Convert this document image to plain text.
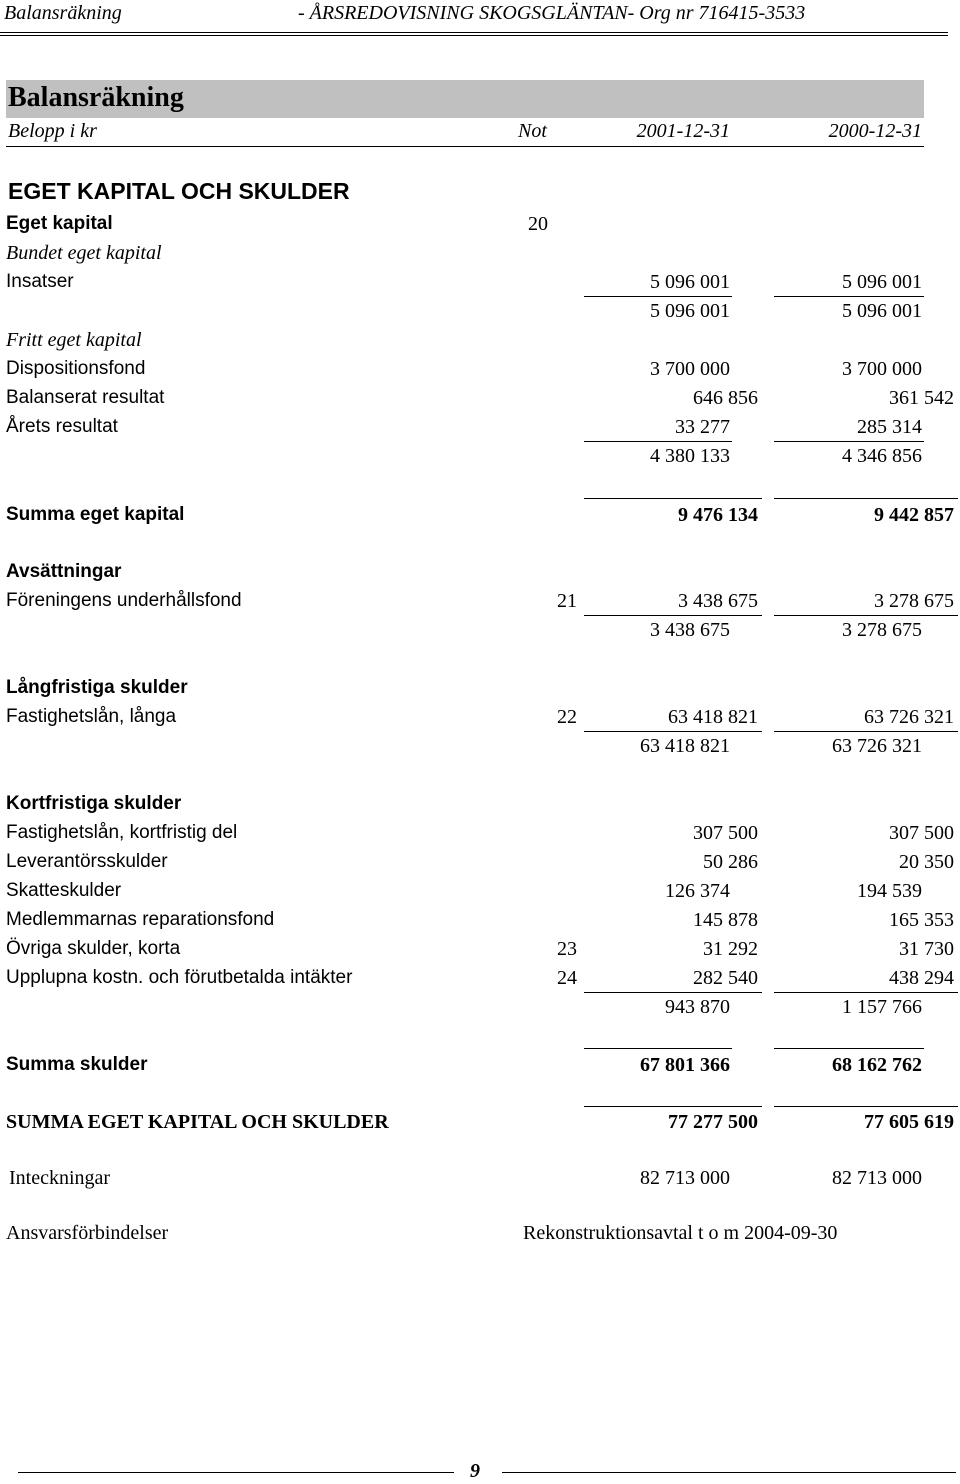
Balansräkning	- ÅRSREDOVISNING SKOGSGLÄNTAN- Org nr 716415-3533
Balansräkning
Belopp i kr	Not	2001-12-31	2000-12-31
EGET KAPITAL OCH SKULDER
Eget kapital	20
Bundet eget kapital
Insatser	5 096 001	5 096 001
5 096 001	5 096 001
Fritt eget kapital
Dispositionsfond	3 700 000	3 700 000
Balanserat resultat	646 856	361 542
Årets resultat	33 277	285 314
4 380 133	4 346 856
Summa eget kapital	9 476 134	9 442 857
Avsättningar
Föreningens underhållsfond	21	3 438 675	3 278 675
3 438 675	3 278 675
Långfristiga skulder
Fastighetslån, långa	22	63 418 821	63 726 321
63 418 821	63 726 321
Kortfristiga skulder
Fastighetslån, kortfristig del	307 500	307 500
Leverantörsskulder	50 286	20 350
Skatteskulder	126 374	194 539
Medlemmarnas reparationsfond	145 878	165 353
Övriga skulder, korta	23	31 292	31 730
Upplupna kostn. och förutbetalda intäkter	24	282 540	438 294
943 870	1 157 766
Summa skulder	67 801 366	68 162 762
SUMMA EGET KAPITAL OCH SKULDER	77 277 500	77 605 619
Inteckningar	82 713 000	82 713 000
Ansvarsförbindelser	Rekonstruktionsavtal t o m 2004-09-30
9
